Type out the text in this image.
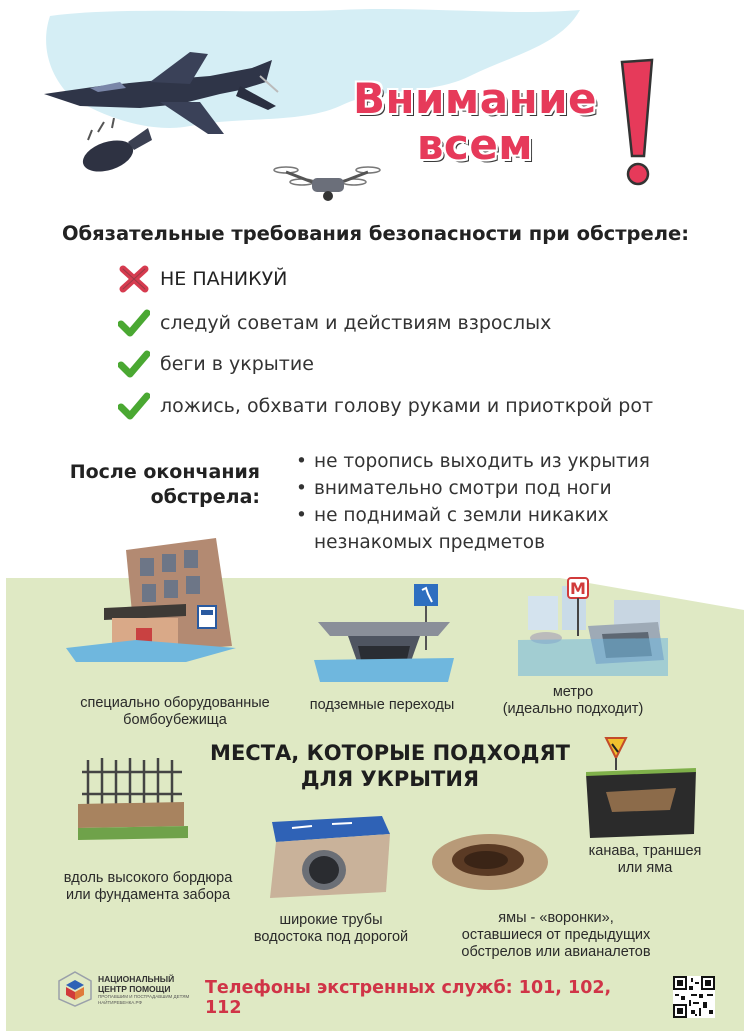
Внимание
всем
Обязательные требования безопасности при обстреле:
НЕ ПАНИКУЙ
следуй советам и действиям взрослых
беги в укрытие
ложись, обхвати голову руками и приоткрой рот
После окончания
обстрела:
• не торопись выходить из укрытия
• внимательно смотри под ноги
• не поднимай с земли никаких незнакомых предметов
М
МЕСТА, КОТОРЫЕ ПОДХОДЯТ
ДЛЯ УКРЫТИЯ
специально оборудованные
бомбоубежища
подземные переходы
метро
(идеально подходит)
вдоль высокого бордюра
или фундамента забора
широкие трубы
водостока под дорогой
ямы - «воронки»,
оставшиеся от предыдущих
обстрелов или авианалетов
канава, траншея
или яма
НАЦИОНАЛЬНЫЙ
ЦЕНТР ПОМОЩИ
ПРОПАВШИМ И ПОСТРАДАВШИМ ДЕТЯМ
НАЙТИРЕБЕНКА.РФ
Телефоны экстренных служб: 101, 102, 112
